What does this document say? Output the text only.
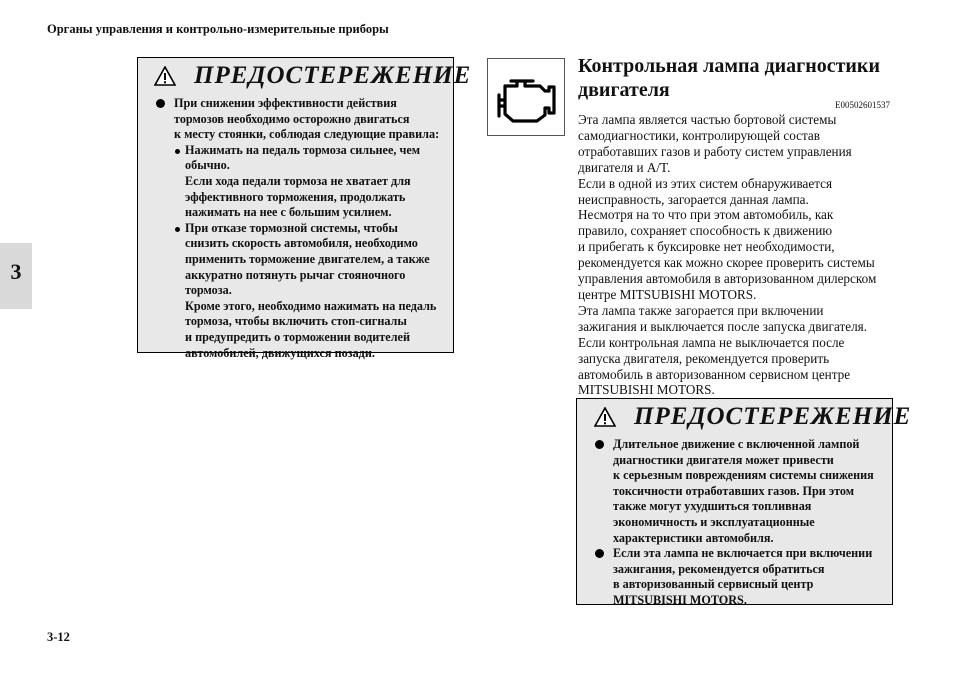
Органы управления и контрольно-измерительные приборы
3
ПРЕДОСТЕРЕЖЕНИЕ
При снижении эффективности действия
тормозов необходимо осторожно двигаться
к месту стоянки, соблюдая следующие правила:
Нажимать на педаль тормоза сильнее, чем
обычно.
Если хода педали тормоза не хватает для
эффективного торможения, продолжать
нажимать на нее с большим усилием.
При отказе тормозной системы, чтобы
снизить скорость автомобиля, необходимо
применить торможение двигателем, а также
аккуратно потянуть рычаг стояночного
тормоза.
Кроме этого, необходимо нажимать на педаль
тормоза, чтобы включить стоп-сигналы
и предупредить о торможении водителей
автомобилей, движущихся позади.
Контрольная лампа диагностики
двигателя
E00502601537
Эта лампа является частью бортовой системы
самодиагностики, контролирующей состав
отработавших газов и работу систем управления
двигателя и A/T.
Если в одной из этих систем обнаруживается
неисправность, загорается данная лампа.
Несмотря на то что при этом автомобиль, как
правило, сохраняет способность к движению
и прибегать к буксировке нет необходимости,
рекомендуется как можно скорее проверить системы
управления автомобиля в авторизованном дилерском
центре MITSUBISHI MOTORS.
Эта лампа также загорается при включении
зажигания и выключается после запуска двигателя.
Если контрольная лампа не выключается после
запуска двигателя, рекомендуется проверить
автомобиль в авторизованном сервисном центре
MITSUBISHI MOTORS.
ПРЕДОСТЕРЕЖЕНИЕ
Длительное движение с включенной лампой
диагностики двигателя может привести
к серьезным повреждениям системы снижения
токсичности отработавших газов. При этом
также могут ухудшиться топливная
экономичность и эксплуатационные
характеристики автомобиля.
Если эта лампа не включается при включении
зажигания, рекомендуется обратиться
в авторизованный сервисный центр
MITSUBISHI MOTORS.
3-12
